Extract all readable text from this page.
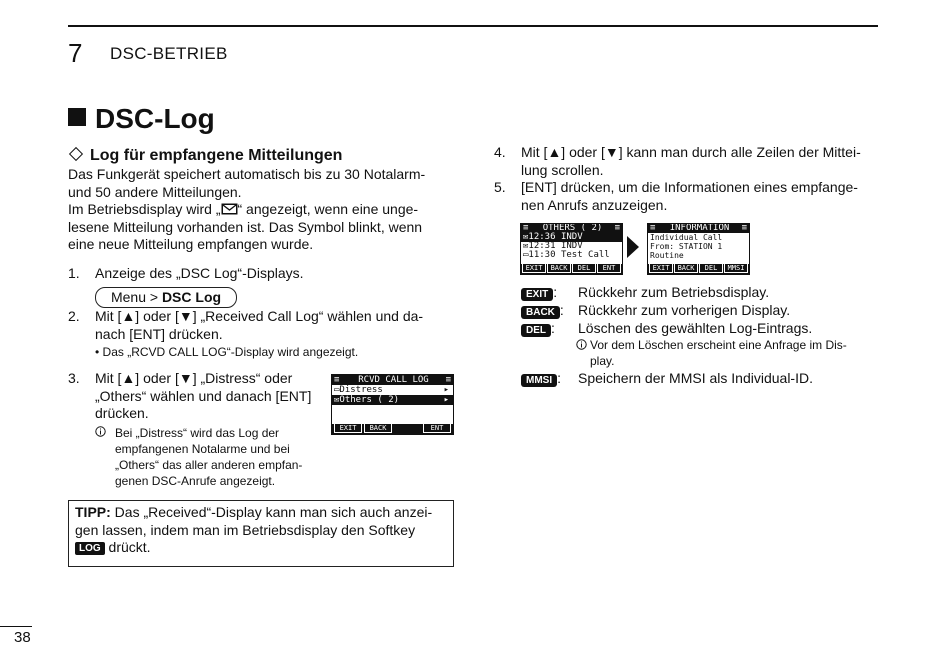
7 DSC-BETRIEB
DSC-Log
Log für empfangene Mitteilungen
Das Funkgerät speichert automatisch bis zu 30 Notalarm-
und 50 andere Mitteilungen.
Im Betriebsdisplay wird „ “ angezeigt, wenn eine unge-
lesene Mitteilung vorhanden ist. Das Symbol blinkt, wenn
eine neue Mitteilung empfangen wurde.
1. Anzeige des „DSC Log“-Displays.
Menu > DSC Log
2. Mit [▲] oder [▼] „Received Call Log“ wählen und da-
nach [ENT] drücken.
• Das „RCVD CALL LOG“-Display wird angezeigt.
3. Mit [▲] oder [▼] „Distress“ oder
„Others“ wählen und danach [ENT]
drücken.
Bei „Distress“ wird das Log der
empfangenen Notalarme und bei
„Others“ das aller anderen empfan-
genen DSC-Anrufe angezeigt.
≡ RCVD CALL LOG ≡
▭Distress	▸
✉Others ( 2)	▸
EXIT	BACK	ENT
TIPP: Das „Received“-Display kann man sich auch anzei-
gen lassen, indem man im Betriebsdisplay den Softkey
LOG drückt.
4. Mit [▲] oder [▼] kann man durch alle Zeilen der Mittei-
lung scrollen.
5. [ENT] drücken, um die Informationen eines empfange-
nen Anrufs anzuzeigen.
≡ OTHERS ( 2) ≡
✉12:36 INDV
✉12:31 INDV
▭11:30 Test Call
EXIT	BACK	DEL	ENT
≡ INFORMATION ≡
Individual Call
From: STATION 1
Routine
EXIT	BACK	DEL	MMSI
EXIT : Rückkehr zum Betriebsdisplay.
BACK : Rückkehr zum vorherigen Display.
DEL : Löschen des gewählten Log-Eintrags.
Vor dem Löschen erscheint eine Anfrage im Dis-
play.
MMSI : Speichern der MMSI als Individual-ID.
38
